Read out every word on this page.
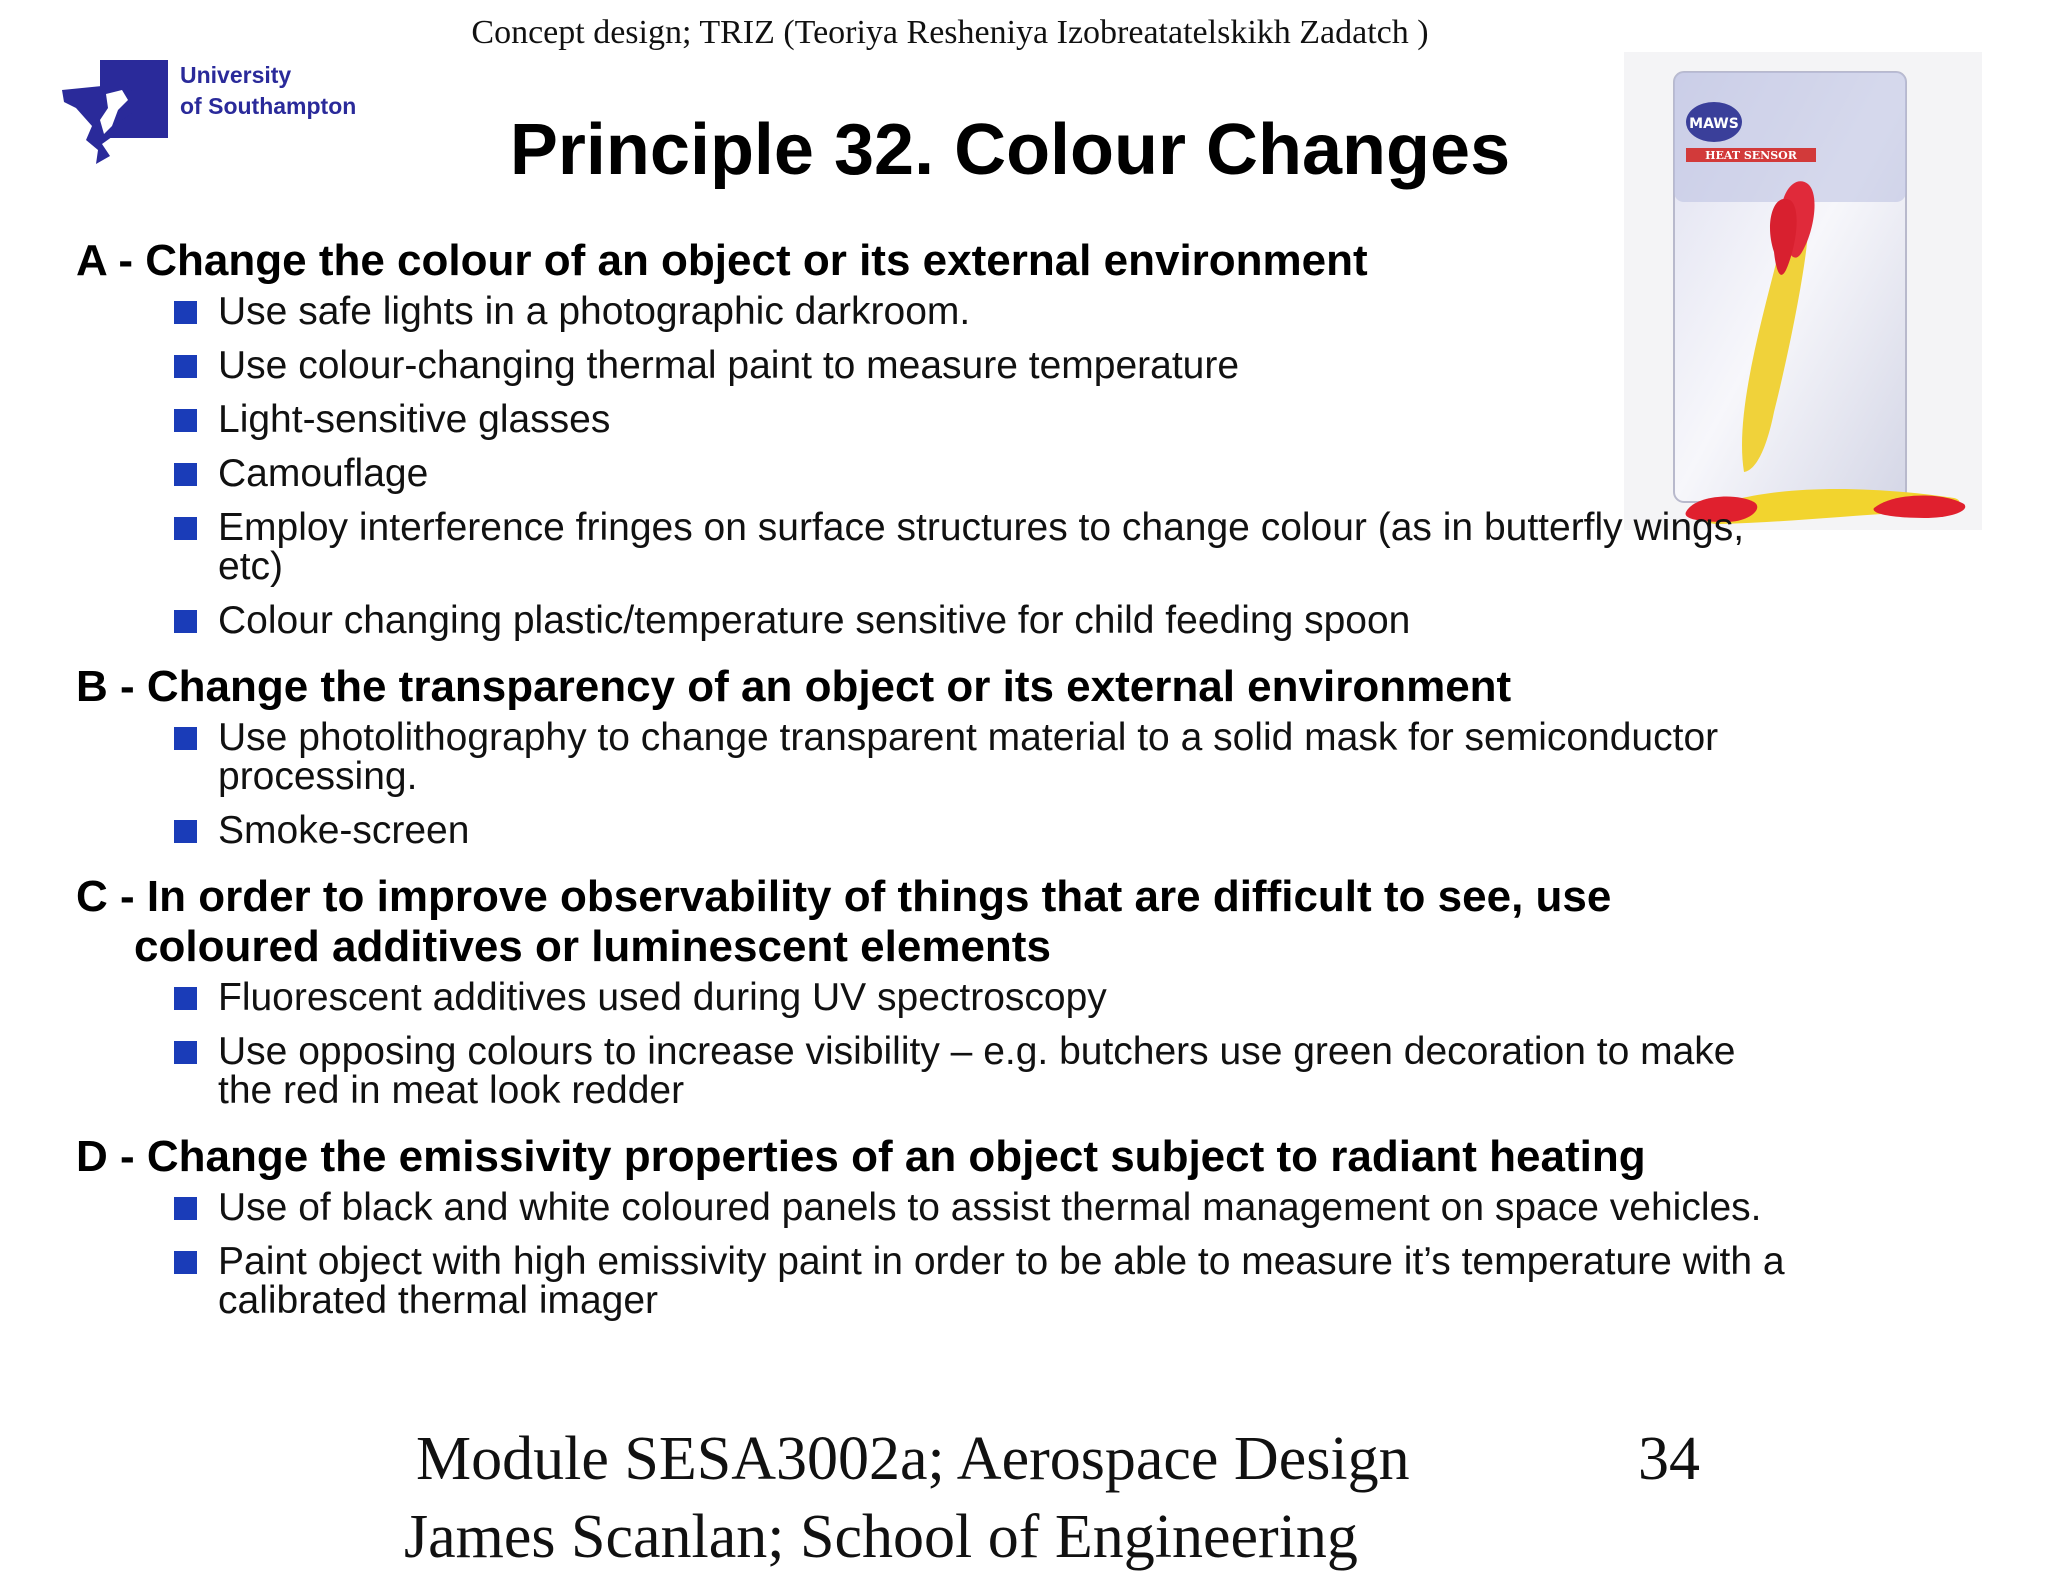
Concept design; TRIZ (Teoriya Resheniya Izobreatatelskikh Zadatch )
University
of Southampton
Principle 32. Colour Changes	MAWS
HEAT SENSOR

A - Change the colour of an object or its external environment

Use safe lights in a photographic darkroom.
Use colour-changing thermal paint to measure temperature
Light-sensitive glasses
Camouflage
Employ interference fringes on surface structures to change colour (as in butterfly wings, etc)
Colour changing plastic/temperature sensitive for child feeding spoon

B - Change the transparency of an object or its external environment

Use photolithography to change transparent material to a solid mask for semiconductor processing.
Smoke-screen

C - In order to improve observability of things that are difficult to see, use coloured additives or luminescent elements

Fluorescent additives used during UV spectroscopy
Use opposing colours to increase visibility – e.g. butchers use green decoration to make the red in meat look redder

D - Change the emissivity properties of an object subject to radiant heating

Use of black and white coloured panels to assist thermal management on space vehicles.
Paint object with high emissivity paint in order to be able to measure it’s temperature with a calibrated thermal imager
Module SESA3002a; Aerospace Design	34
James Scanlan; School of Engineering
